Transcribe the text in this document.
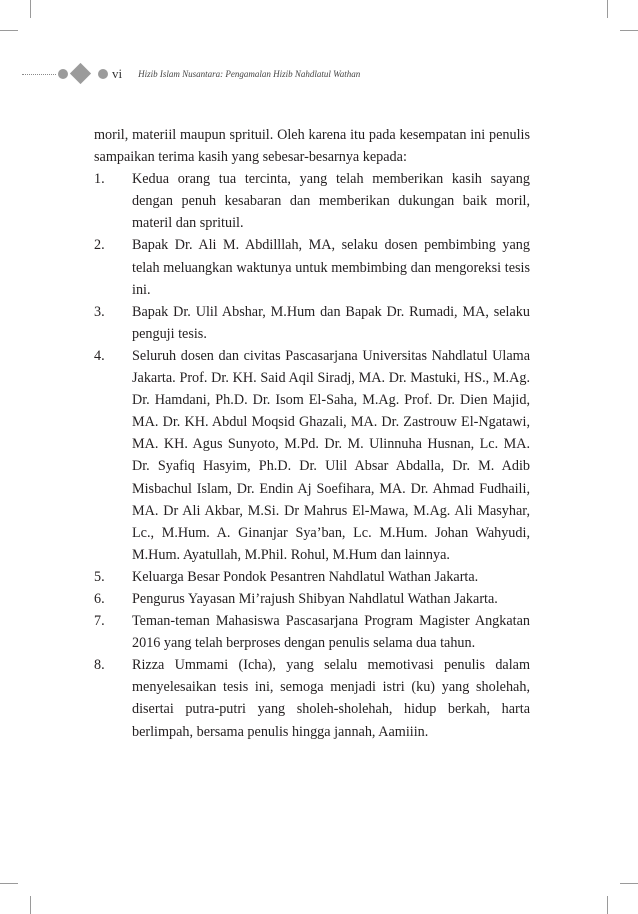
vi Hizib Islam Nusantara: Pengamalan Hizib Nahdlatul Wathan

moril, materiil maupun sprituil. Oleh karena itu pada kesempatan ini penulis sampaikan terima kasih yang sebesar-besarnya kepada:

1.	Kedua orang tua tercinta, yang telah memberikan kasih sayang dengan penuh kesabaran dan memberikan dukungan baik moril, materil dan sprituil.
2.	Bapak Dr. Ali M. Abdilllah, MA, selaku dosen pembimbing yang telah meluangkan waktunya untuk membimbing dan mengoreksi tesis ini.
3.	Bapak Dr. Ulil Abshar, M.Hum dan Bapak Dr. Rumadi, MA, selaku penguji tesis.
4.	Seluruh dosen dan civitas Pascasarjana Universitas Nahdlatul Ulama Jakarta. Prof. Dr. KH. Said Aqil Siradj, MA. Dr. Mastuki, HS., M.Ag. Dr. Hamdani, Ph.D. Dr. Isom El-Saha, M.Ag. Prof. Dr. Dien Majid, MA. Dr. KH. Abdul Moqsid Ghazali, MA. Dr. Zastrouw El-Ngatawi, MA. KH. Agus Sunyoto, M.Pd. Dr. M. Ulinnuha Husnan, Lc. MA. Dr. Syafiq Hasyim, Ph.D. Dr. Ulil Absar Abdalla, Dr. M. Adib Misbachul Islam, Dr. Endin Aj Soefihara, MA. Dr. Ahmad Fudhaili, MA. Dr Ali Akbar, M.Si. Dr Mahrus El-Mawa, M.Ag. Ali Masyhar, Lc., M.Hum. A. Ginanjar Sya’ban, Lc. M.Hum. Johan Wahyudi, M.Hum. Ayatullah, M.Phil. Rohul, M.Hum dan lainnya.
5.	Keluarga Besar Pondok Pesantren Nahdlatul Wathan Jakarta.
6.	Pengurus Yayasan Mi’rajush Shibyan Nahdlatul Wathan Jakarta.
7.	Teman-teman Mahasiswa Pascasarjana Program Magister Angkatan 2016 yang telah berproses dengan penulis selama dua tahun.
8.	Rizza Ummami (Icha), yang selalu memotivasi penulis dalam menyelesaikan tesis ini, semoga menjadi istri (ku) yang sholehah, disertai putra-putri yang sholeh-sholehah, hidup berkah, harta berlimpah, bersama penulis hingga jannah, Aamiiin.
